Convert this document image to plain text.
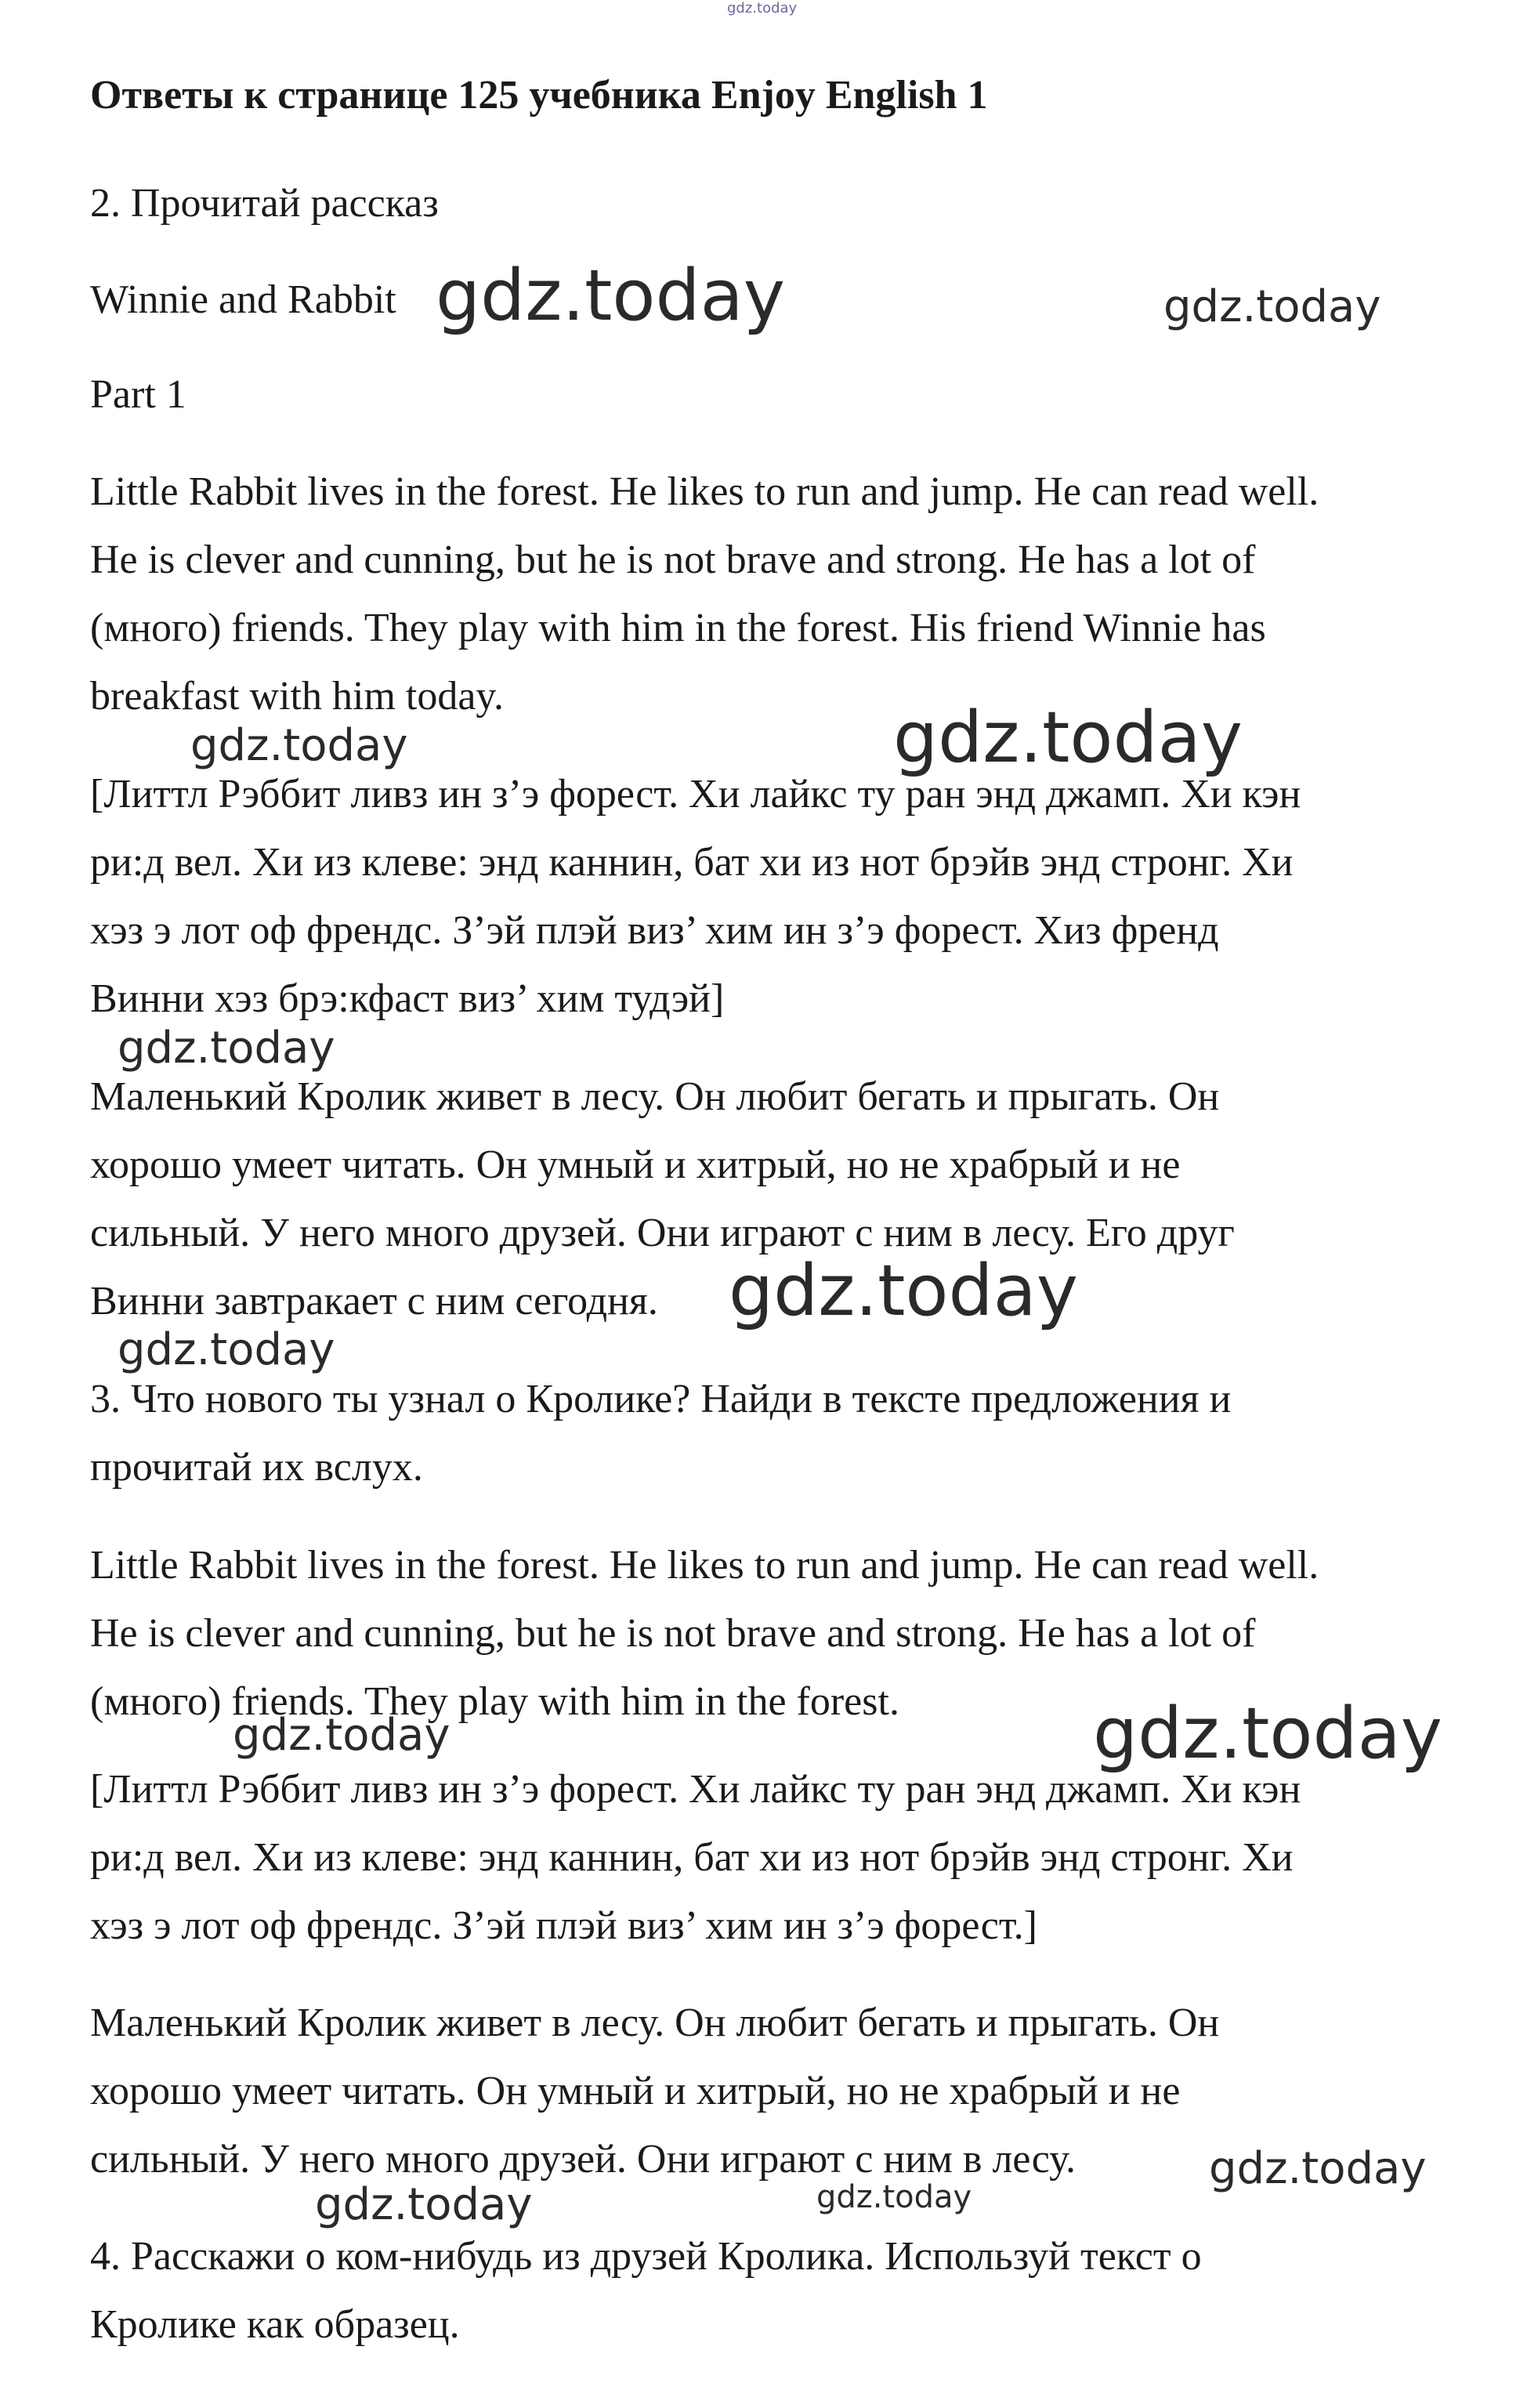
gdz.today

Ответы к странице 125 учебника Enjoy English 1

2. Прочитай рассказ

Winnie and Rabbit

Part 1

Little Rabbit lives in the forest. He likes to run and jump. He can read well.

He is clever and cunning, but he is not brave and strong. He has a lot of

(много) friends. They play with him in the forest. His friend Winnie has

breakfast with him today.

[Литтл Рэббит ливз ин з’э форест. Хи лайкс ту ран энд джамп. Хи кэн

ри:д вел. Хи из клеве: энд каннин, бат хи из нот брэйв энд стронг. Хи

хэз э лот оф френдс. З’эй плэй виз’ хим ин з’э форест. Хиз френд

Винни хэз брэ:кфаст виз’ хим тудэй]

Маленький Кролик живет в лесу. Он любит бегать и прыгать. Он

хорошо умеет читать. Он умный и хитрый, но не храбрый и не

сильный. У него много друзей. Они играют с ним в лесу. Его друг

Винни завтракает с ним сегодня.

3. Что нового ты узнал о Кролике? Найди в тексте предложения и

прочитай их вслух.

Little Rabbit lives in the forest. He likes to run and jump. He can read well.

He is clever and cunning, but he is not brave and strong. He has a lot of

(много) friends. They play with him in the forest.

[Литтл Рэббит ливз ин з’э форест. Хи лайкс ту ран энд джамп. Хи кэн

ри:д вел. Хи из клеве: энд каннин, бат хи из нот брэйв энд стронг. Хи

хэз э лот оф френдс. З’эй плэй виз’ хим ин з’э форест.]

Маленький Кролик живет в лесу. Он любит бегать и прыгать. Он

хорошо умеет читать. Он умный и хитрый, но не храбрый и не

сильный. У него много друзей. Они играют с ним в лесу.

4. Расскажи о ком-нибудь из друзей Кролика. Используй текст о

Кролике как образец.

gdz.today	gdz.today
gdz.today	gdz.today
gdz.today
gdz.today
gdz.today
gdz.today	gdz.today
gdz.today
gdz.today	gdz.today
